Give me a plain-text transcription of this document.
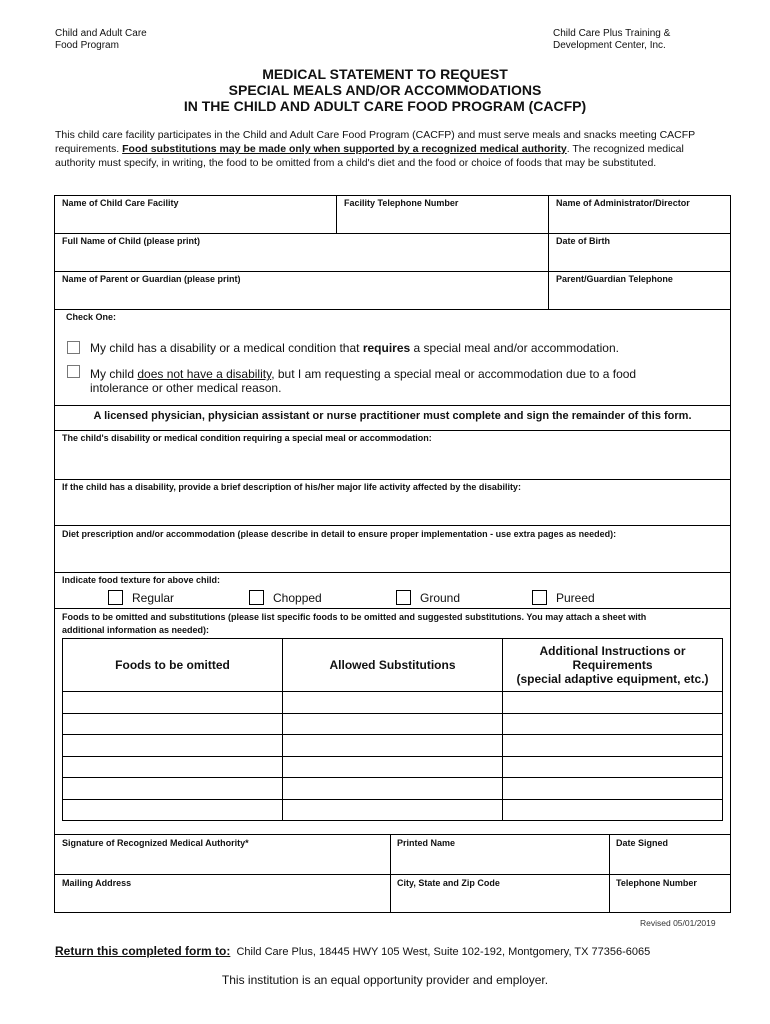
Child and Adult Care
Food Program
Child Care Plus Training &
Development Center, Inc.
MEDICAL STATEMENT TO REQUEST
SPECIAL MEALS AND/OR ACCOMMODATIONS
IN THE CHILD AND ADULT CARE FOOD PROGRAM (CACFP)
This child care facility participates in the Child and Adult Care Food Program (CACFP) and must serve meals and snacks meeting CACFP requirements. Food substitutions may be made only when supported by a recognized medical authority. The recognized medical authority must specify, in writing, the food to be omitted from a child's diet and the food or choice of foods that may be substituted.
Name of Child Care Facility	Facility Telephone Number	Name of Administrator/Director
Full Name of Child (please print)	Date of Birth
Name of Parent or Guardian (please print)	Parent/Guardian Telephone
Check One:
My child has a disability or a medical condition that requires a special meal and/or accommodation.
My child does not have a disability, but I am requesting a special meal or accommodation due to a food
intolerance or other medical reason.
A licensed physician, physician assistant or nurse practitioner must complete and sign the remainder of this form.
The child's disability or medical condition requiring a special meal or accommodation:
If the child has a disability, provide a brief description of his/her major life activity affected by the disability:
Diet prescription and/or accommodation (please describe in detail to ensure proper implementation - use extra pages as needed):
Indicate food texture for above child:
Regular	Chopped	Ground	Pureed
Foods to be omitted and substitutions (please list specific foods to be omitted and suggested substitutions. You may attach a sheet with
additional information as needed):
Foods to be omitted	Allowed Substitutions	Additional Instructions or
Requirements
(special adaptive equipment, etc.)

Signature of Recognized Medical Authority*	Printed Name	Date Signed
Mailing Address	City, State and Zip Code	Telephone Number
Revised 05/01/2019
Return this completed form to: Child Care Plus, 18445 HWY 105 West, Suite 102-192, Montgomery, TX 77356-6065
This institution is an equal opportunity provider and employer.
